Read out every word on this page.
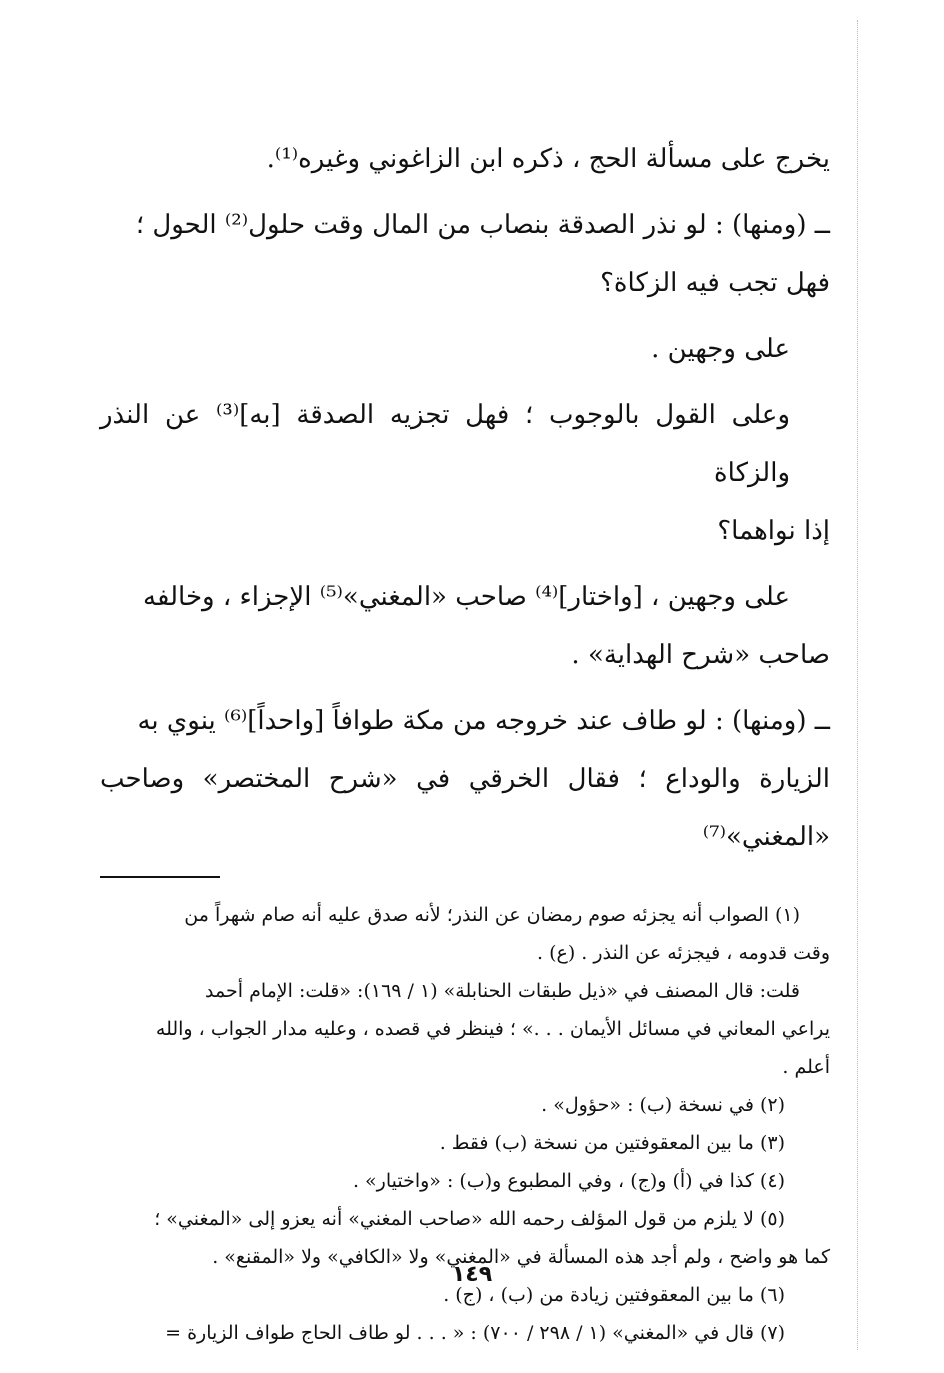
يخرج على مسألة الحج ، ذكره ابن الزاغوني وغيره⁽¹⁾.

ــ (ومنها) : لو نذر الصدقة بنصاب من المال وقت حلول⁽²⁾ الحول ؛

فهل تجب فيه الزكاة؟

على وجهين .

وعلى القول بالوجوب ؛ فهل تجزيه الصدقة [به]⁽³⁾ عن النذر والزكاة

إذا نواهما؟

على وجهين ، [واختار]⁽⁴⁾ صاحب «المغني»⁽⁵⁾ الإجزاء ، وخالفه

صاحب «شرح الهداية» .

ــ (ومنها) : لو طاف عند خروجه من مكة طوافاً [واحداً]⁽⁶⁾ ينوي به

الزيارة والوداع ؛ فقال الخرقي في «شرح المختصر» وصاحب «المغني»⁽⁷⁾

(١) الصواب أنه يجزئه صوم رمضان عن النذر؛ لأنه صدق عليه أنه صام شهراً من

وقت قدومه ، فيجزئه عن النذر . (ع) .

قلت: قال المصنف في «ذيل طبقات الحنابلة» (١ / ١٦٩): «قلت: الإمام أحمد

يراعي المعاني في مسائل الأيمان . . .» ؛ فينظر في قصده ، وعليه مدار الجواب ، والله

أعلم .

(٢) في نسخة (ب) : «حؤول» .

(٣) ما بين المعقوفتين من نسخة (ب) فقط .

(٤) كذا في (أ) و(ج) ، وفي المطبوع و(ب) : «واختيار» .

(٥) لا يلزم من قول المؤلف رحمه الله «صاحب المغني» أنه يعزو إلى «المغني» ؛

كما هو واضح ، ولم أجد هذه المسألة في «المغني» ولا «الكافي» ولا «المقنع» .

(٦) ما بين المعقوفتين زيادة من (ب) ، (ج) .

(٧) قال في «المغني» (١ / ٢٩٨ / ٧٠٠) : « . . . لو طاف الحاج طواف الزيارة =

١٤٩
